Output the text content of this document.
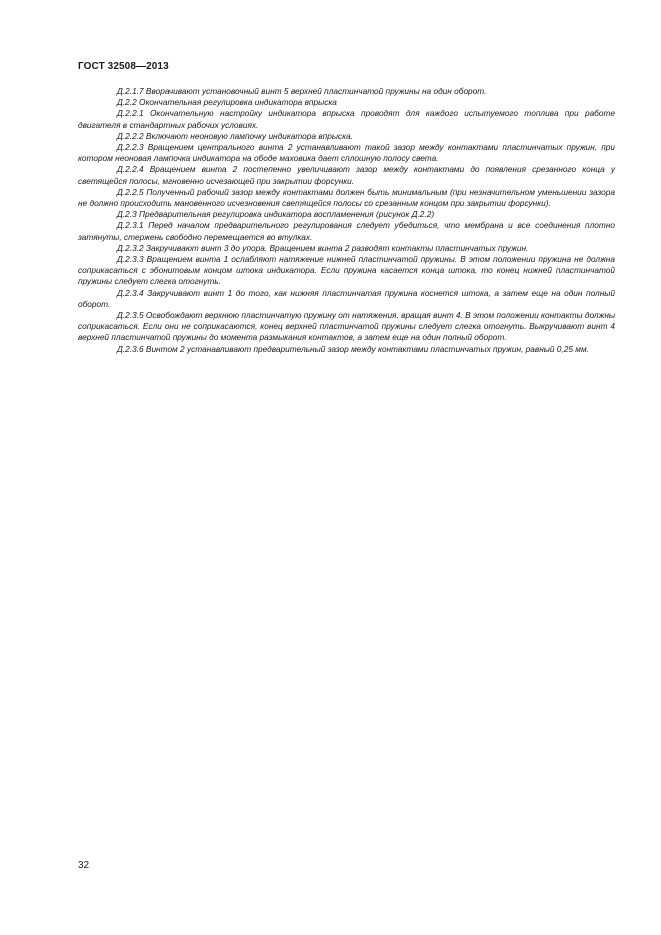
ГОСТ 32508—2013

Д.2.1.7 Вворачивают установочный винт 5 верхней пластинчатой пружины на один оборот.

Д.2.2 Окончательная регулировка индикатора впрыска

Д.2.2.1 Окончательную настройку индикатора впрыска проводят для каждого испытуемого топлива при работе двигателя в стандартных рабочих условиях.

Д.2.2.2 Включают неоновую лампочку индикатора впрыска.

Д.2.2.3 Вращением центрального винта 2 устанавливают такой зазор между контактами пластинчатых пружин, при котором неоновая лампочка индикатора на ободе маховика дает сплошную полосу света.

Д.2.2.4 Вращением винта 2 постепенно увеличивают зазор между контактами до появления срезанного конца у светящейся полосы, мгновенно исчезающей при закрытии форсунки.

Д.2.2.5 Полученный рабочий зазор между контактами должен быть минимальным (при незначительном уменьшении зазора не должно происходить мановенного исчезновения светящейся полосы со срезанным концом при закрытии форсунки).

Д.2.3 Предварительная регулировка индикатора воспламенения (рисунок Д.2.2)

Д.2.3.1 Перед началом предварительного регулирования следует убедиться, что мембрана и все соединения плотно затянуты, стержень свободно перемещается во втулках.

Д.2.3.2 Закручивают винт 3 до упора. Вращением винта 2 разводят контакты пластинчатых пружин.

Д.2.3.3 Вращением винта 1 ослабляют натяжение нижней пластинчатой пружины. В этом положении пружина не должна соприкасаться с эбонитовым концом штока индикатора. Если пружина касается конца штока, то конец нижней пластинчатой пружины следует слегка отогнуть.

Д.2.3.4 Закручивают винт 1 до того, как нижняя пластинчатая пружина коснется штока, а затем еще на один полный оборот.

Д.2.3.5 Освобождают верхнюю пластинчатую пружину от натяжения, вращая винт 4. В этом положении контакты должны соприкасаться. Если они не соприкасаются, конец верхней пластинчатой пружины следует слегка отогнуть. Выкручивают винт 4 верхней пластинчатой пружины до момента размыкания контактов, а затем еще на один полный оборот.

Д.2.3.6 Винтом 2 устанавливают предварительный зазор между контактами пластинчатых пружин, равный 0,25 мм.

32
